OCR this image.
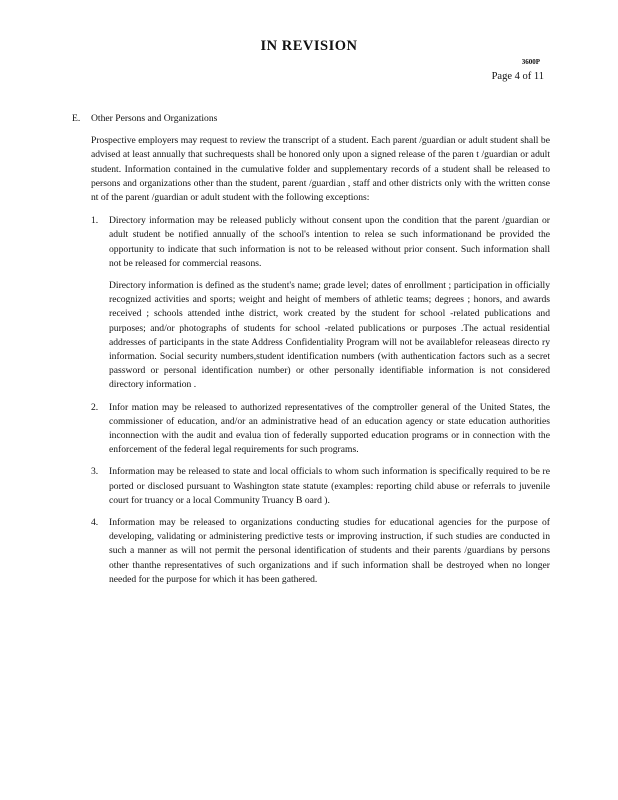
IN REVISION
3600P
Page 4 of 11
E.	Other Persons and Organizations
Prospective employers may request to review the transcript of a student. Each parent /guardian or adult student shall be advised at least annually that suchrequests shall be honored only upon a signed release of the paren t /guardian or adult student. Information contained in the cumulative folder and supplementary records of a student shall be released to persons and organizations other than the student, parent /guardian , staff and other districts only with the written conse nt of the parent /guardian or adult student with the following exceptions:
1.	Directory information may be released publicly without consent upon the condition that the parent /guardian or adult student be notified annually of the school's intention to relea se such informationand be provided the opportunity to indicate that such information is not to be released without prior consent. Such information shall not be released for commercial reasons.

Directory information is defined as the student's name; grade level; dates of enrollment ; participation in officially recognized activities and sports; weight and height of members of athletic teams; degrees ; honors, and awards received ; schools attended inthe district, work created by the student for school -related publications and purposes; and/or photographs of students for school -related publications or purposes .The actual residential addresses of participants in the state Address Confidentiality Program will not be availablefor releaseas directo ry information. Social security numbers,student identification numbers (with authentication factors such as a secret password or personal identification number) or other personally identifiable information is not considered directory information .

2.	Infor mation may be released to authorized representatives of the comptroller general of the United States, the commissioner of education, and/or an administrative head of an education agency or state education authorities inconnection with the audit and evalua tion of federally supported education programs or in connection with the enforcement of the federal legal requirements for such programs.

3.	Information may be released to state and local officials to whom such information is specifically required to be re ported or disclosed pursuant to Washington state statute (examples: reporting child abuse or referrals to juvenile court for truancy or a local Community Truancy B oard ).

4.	Information may be released to organizations conducting studies for educational agencies for the purpose of developing, validating or administering predictive tests or improving instruction, if such studies are conducted in such a manner as will not permit the personal identification of students and their parents /guardians by persons other thanthe representatives of such organizations and if such information shall be destroyed when no longer needed for the purpose for which it has been gathered.
